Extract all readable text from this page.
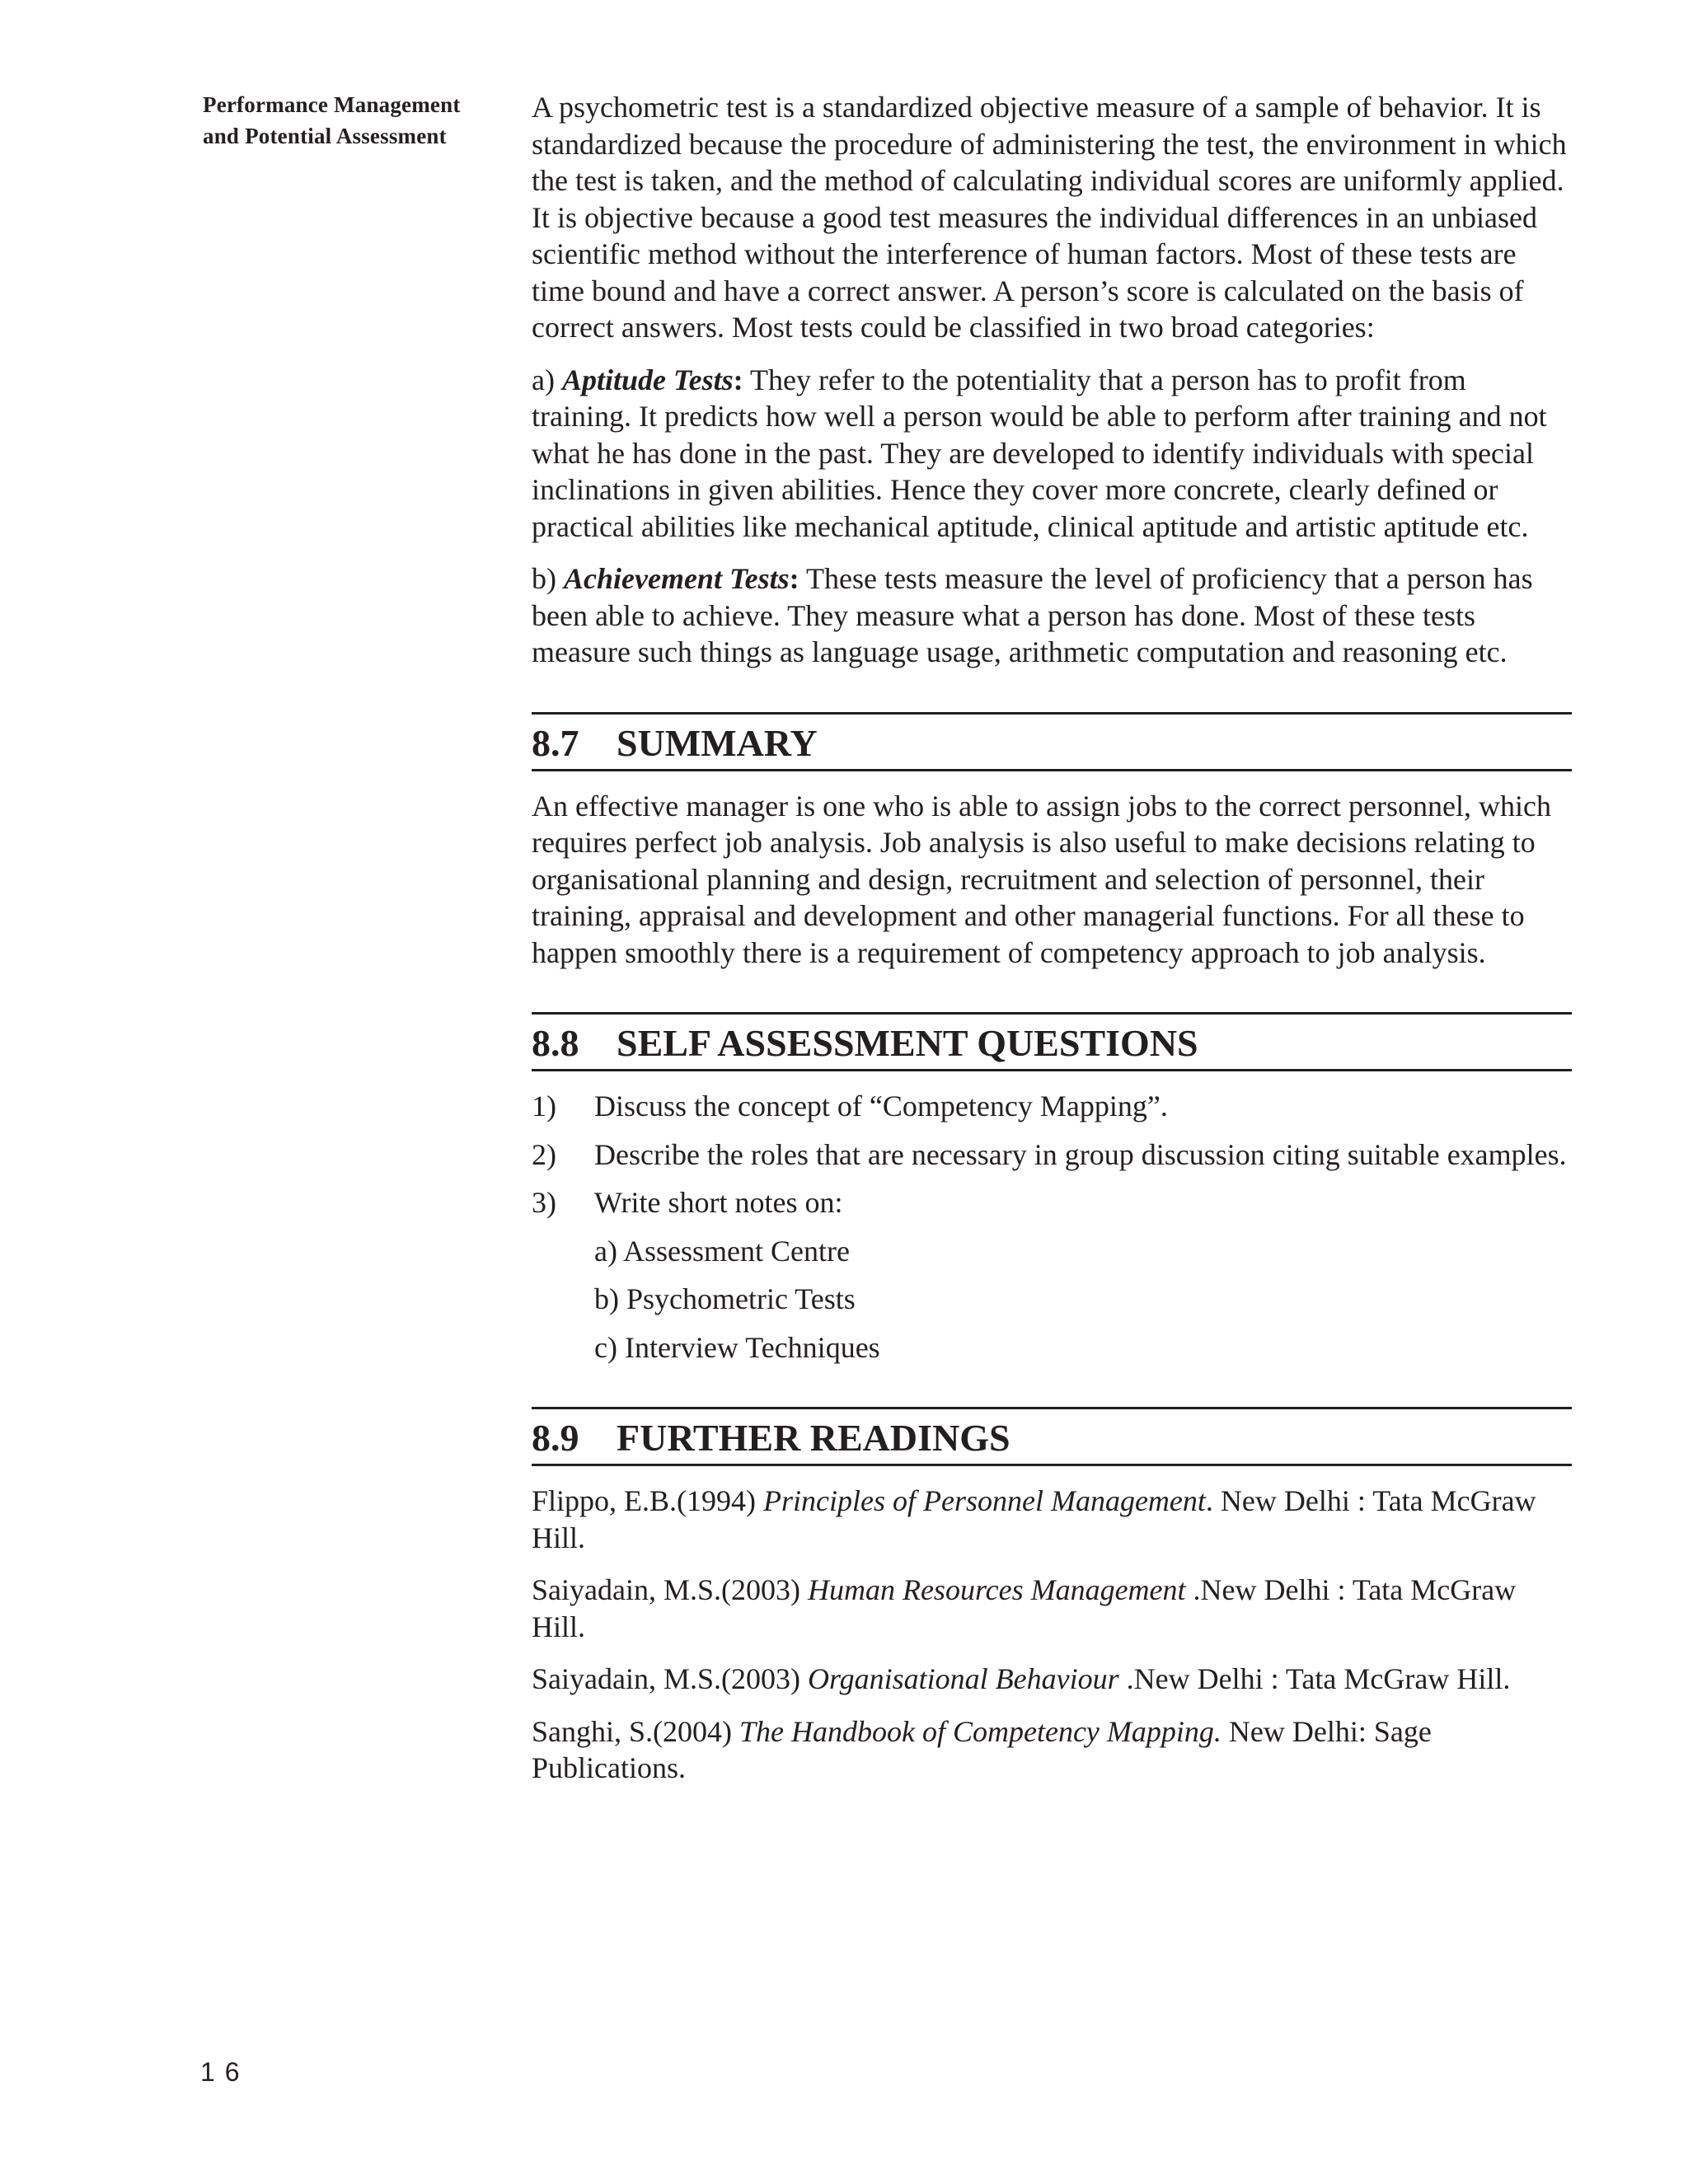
Performance Management
and Potential Assessment

A psychometric test is a standardized objective measure of a sample of behavior. It is standardized because the procedure of administering the test, the environment in which the test is taken, and the method of calculating individual scores are uniformly applied. It is objective because a good test measures the individual differences in an unbiased scientific method without the interference of human factors. Most of these tests are time bound and have a correct answer. A person’s score is calculated on the basis of correct answers. Most tests could be classified in two broad categories:

a) Aptitude Tests: They refer to the potentiality that a person has to profit from training. It predicts how well a person would be able to perform after training and not what he has done in the past. They are developed to identify individuals with special inclinations in given abilities. Hence they cover more concrete, clearly defined or practical abilities like mechanical aptitude, clinical aptitude and artistic aptitude etc.

b) Achievement Tests: These tests measure the level of proficiency that a person has been able to achieve. They measure what a person has done. Most of these tests measure such things as language usage, arithmetic computation and reasoning etc.

8.7 SUMMARY

An effective manager is one who is able to assign jobs to the correct personnel, which requires perfect job analysis. Job analysis is also useful to make decisions relating to organisational planning and design, recruitment and selection of personnel, their training, appraisal and development and other managerial functions. For all these to happen smoothly there is a requirement of competency approach to job analysis.

8.8 SELF ASSESSMENT QUESTIONS
1)	Discuss the concept of “Competency Mapping”.
2)	Describe the roles that are necessary in group discussion citing suitable examples.
3)	Write short notes on:
a) Assessment Centre
b) Psychometric Tests
c) Interview Techniques
8.9 FURTHER READINGS

Flippo, E.B.(1994) Principles of Personnel Management. New Delhi : Tata McGraw Hill.

Saiyadain, M.S.(2003) Human Resources Management .New Delhi : Tata McGraw Hill.

Saiyadain, M.S.(2003) Organisational Behaviour .New Delhi : Tata McGraw Hill.

Sanghi, S.(2004) The Handbook of Competency Mapping. New Delhi: Sage Publications.

16
